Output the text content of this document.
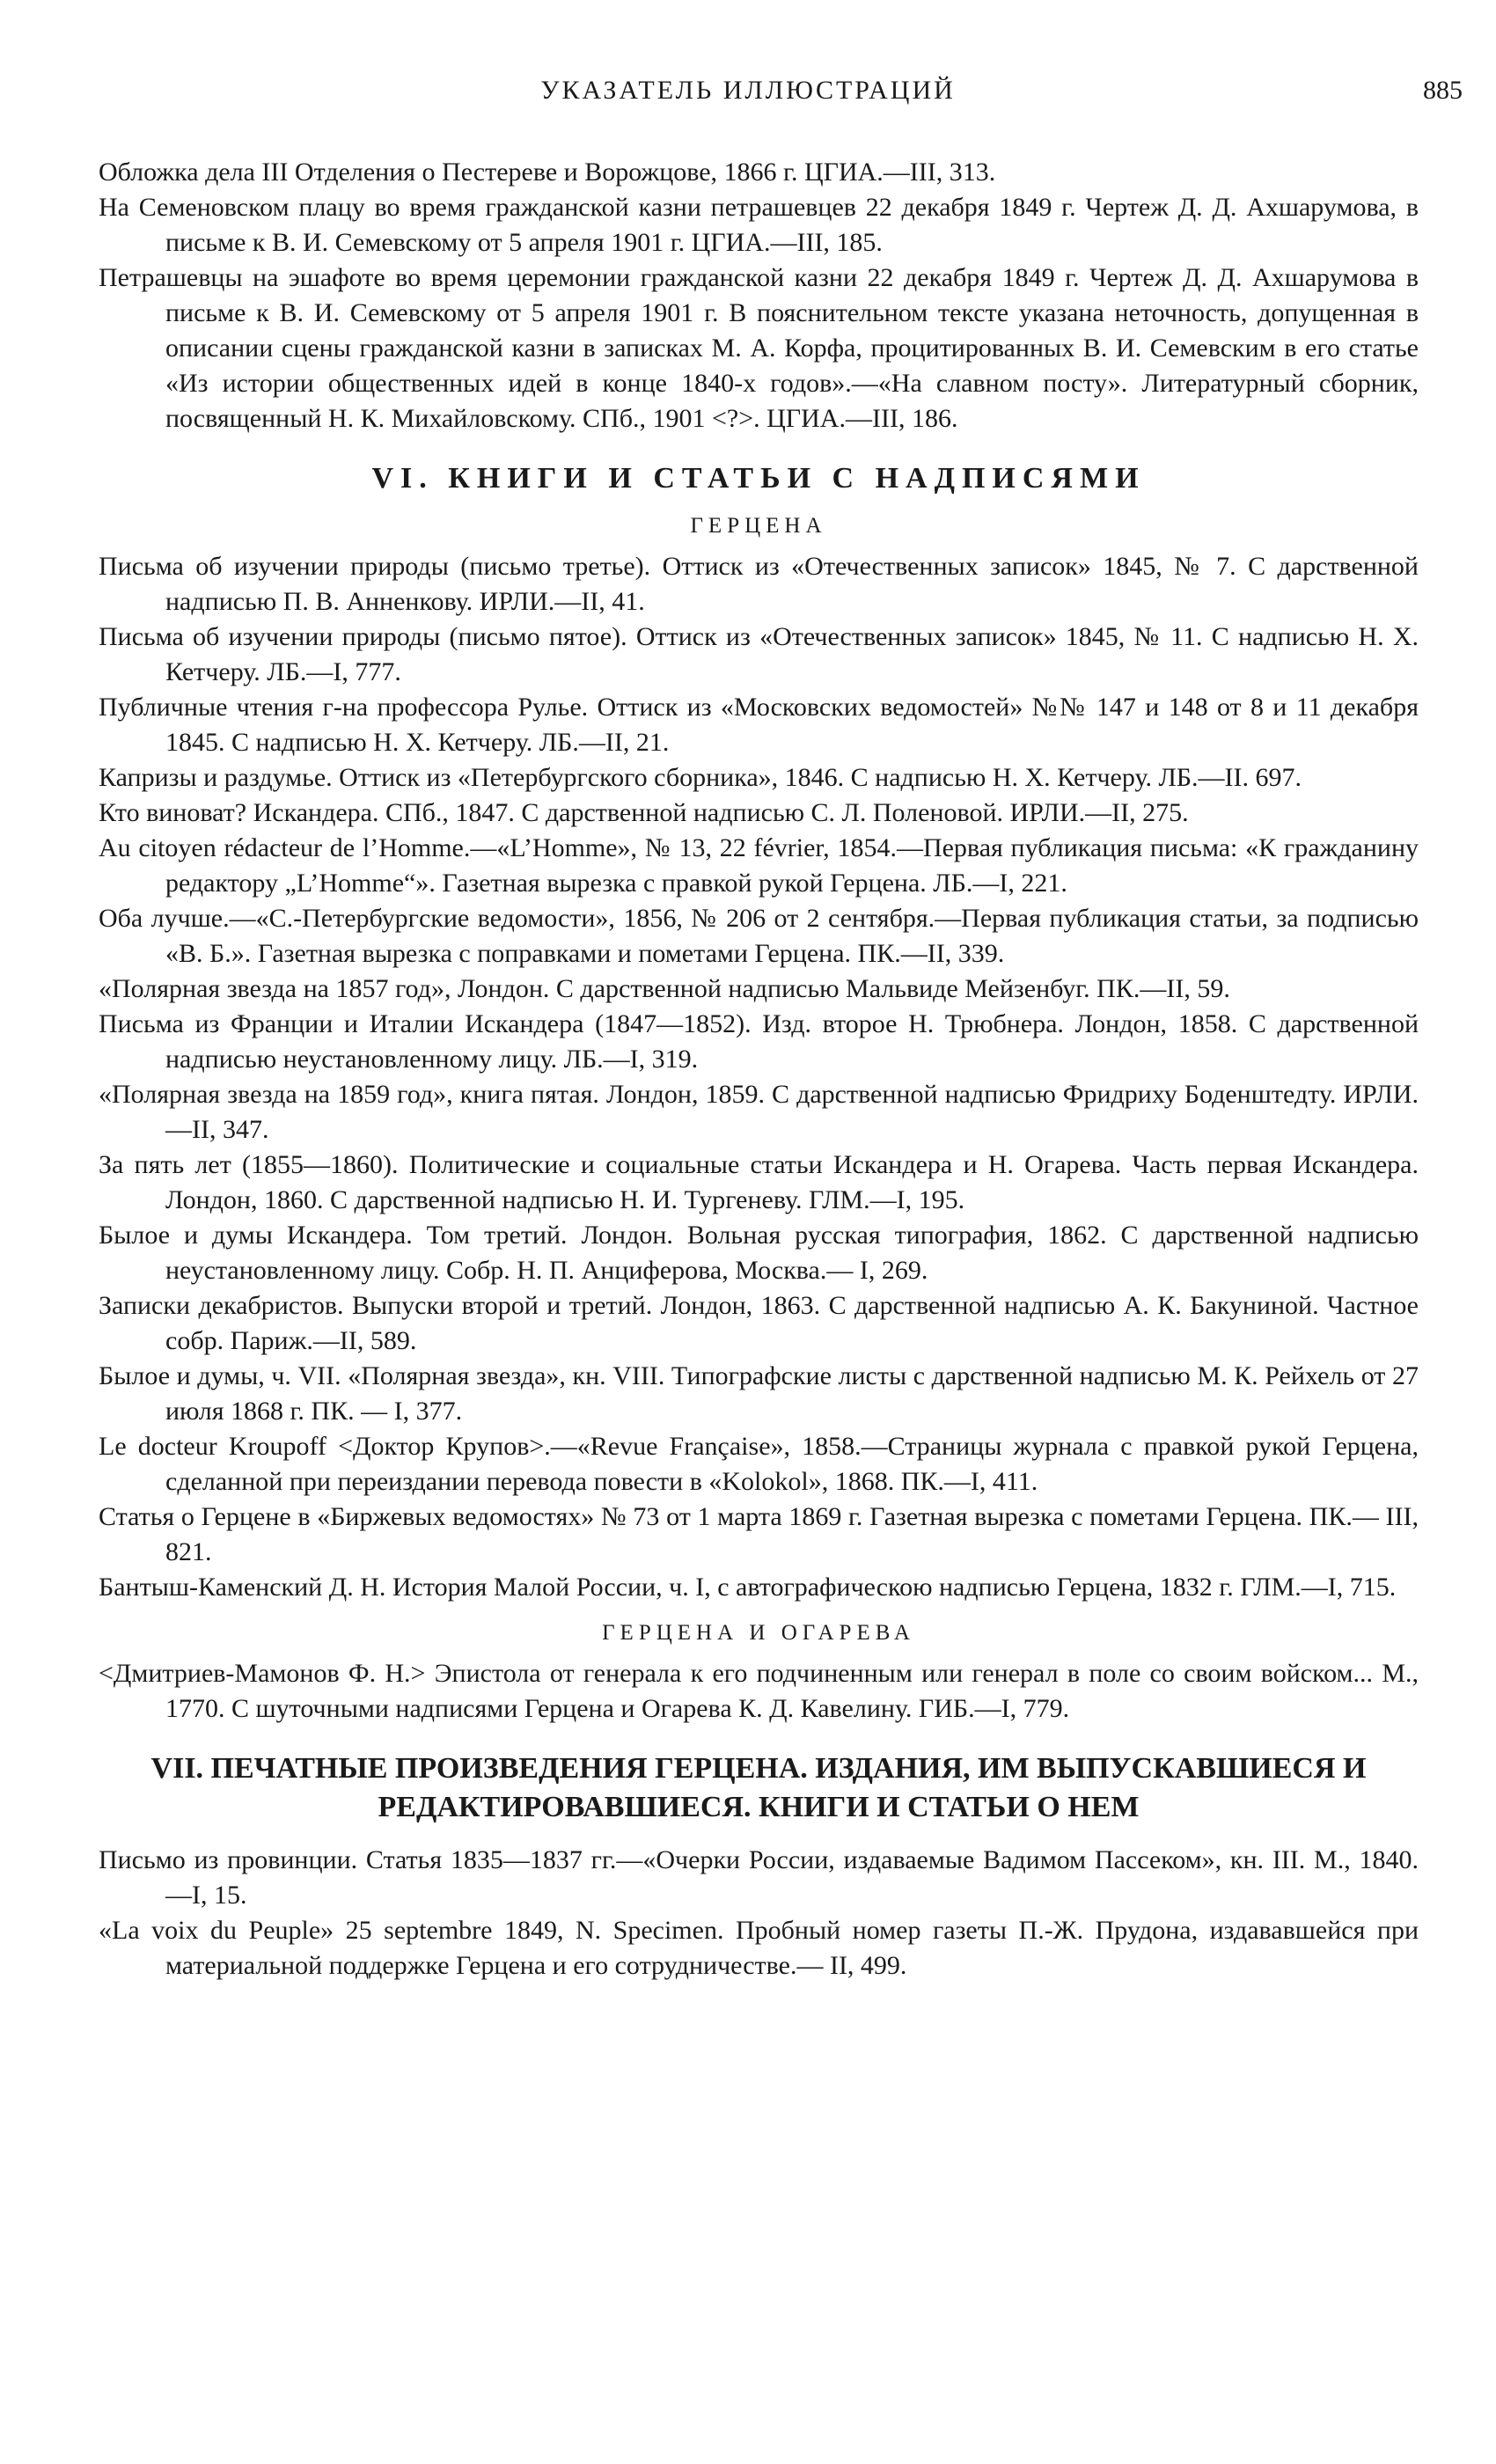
УКАЗАТЕЛЬ ИЛЛЮСТРАЦИЙ	885

Обложка дела III Отделения о Пестереве и Ворожцове, 1866 г. ЦГИА.—III, 313.

На Семеновском плацу во время гражданской казни петрашевцев 22 декабря 1849 г. Чертеж Д. Д. Ахшарумова, в письме к В. И. Семевскому от 5 апреля 1901 г. ЦГИА.—III, 185.

Петрашевцы на эшафоте во время церемонии гражданской казни 22 декабря 1849 г. Чертеж Д. Д. Ахшарумова в письме к В. И. Семевскому от 5 апреля 1901 г. В пояснительном тексте указана неточность, допущенная в описании сцены гражданской казни в записках М. А. Корфа, процитированных В. И. Семевским в его статье «Из истории общественных идей в конце 1840-х годов».—«На славном посту». Литературный сборник, посвященный Н. К. Михайловскому. СПб., 1901 <?>. ЦГИА.—III, 186.

VI. КНИГИ И СТАТЬИ С НАДПИСЯМИ
ГЕРЦЕНА

Письма об изучении природы (письмо третье). Оттиск из «Отечественных записок» 1845, № 7. С дарственной надписью П. В. Анненкову. ИРЛИ.—II, 41.

Письма об изучении природы (письмо пятое). Оттиск из «Отечественных записок» 1845, № 11. С надписью Н. Х. Кетчеру. ЛБ.—I, 777.

Публичные чтения г-на профессора Рулье. Оттиск из «Московских ведомостей» №№ 147 и 148 от 8 и 11 декабря 1845. С надписью Н. Х. Кетчеру. ЛБ.—II, 21.

Капризы и раздумье. Оттиск из «Петербургского сборника», 1846. С надписью Н. Х. Кетчеру. ЛБ.—II. 697.

Кто виноват? Искандера. СПб., 1847. С дарственной надписью С. Л. Поленовой. ИРЛИ.—II, 275.

Au citoyen rédacteur de l’Homme.—«L’Homme», № 13, 22 février, 1854.—Первая публикация письма: «К гражданину редактору „L’Homme“». Газетная вырезка с правкой рукой Герцена. ЛБ.—I, 221.

Оба лучше.—«С.-Петербургские ведомости», 1856, № 206 от 2 сентября.—Первая публикация статьи, за подписью «В. Б.». Газетная вырезка с поправками и пометами Герцена. ПК.—II, 339.

«Полярная звезда на 1857 год», Лондон. С дарственной надписью Мальвиде Мейзенбуг. ПК.—II, 59.

Письма из Франции и Италии Искандера (1847—1852). Изд. второе Н. Трюбнера. Лондон, 1858. С дарственной надписью неустановленному лицу. ЛБ.—I, 319.

«Полярная звезда на 1859 год», книга пятая. Лондон, 1859. С дарственной надписью Фридриху Боденштедту. ИРЛИ.—II, 347.

За пять лет (1855—1860). Политические и социальные статьи Искандера и Н. Огарева. Часть первая Искандера. Лондон, 1860. С дарственной надписью Н. И. Тургеневу. ГЛМ.—I, 195.

Былое и думы Искандера. Том третий. Лондон. Вольная русская типография, 1862. С дарственной надписью неустановленному лицу. Собр. Н. П. Анциферова, Москва.— I, 269.

Записки декабристов. Выпуски второй и третий. Лондон, 1863. С дарственной надписью А. К. Бакуниной. Частное собр. Париж.—II, 589.

Былое и думы, ч. VII. «Полярная звезда», кн. VIII. Типографские листы с дарственной надписью М. К. Рейхель от 27 июля 1868 г. ПК. — I, 377.

Le docteur Kroupoff <Доктор Крупов>.—«Revue Française», 1858.—Страницы журнала с правкой рукой Герцена, сделанной при переиздании перевода повести в «Kolokol», 1868. ПК.—I, 411.

Статья о Герцене в «Биржевых ведомостях» № 73 от 1 марта 1869 г. Газетная вырезка с пометами Герцена. ПК.— III, 821.

Бантыш-Каменский Д. Н. История Малой России, ч. I, с автографическою надписью Герцена, 1832 г. ГЛМ.—I, 715.

ГЕРЦЕНА И ОГАРЕВА

<Дмитриев-Мамонов Ф. Н.> Эпистола от генерала к его подчиненным или генерал в поле со своим войском... М., 1770. С шуточными надписями Герцена и Огарева К. Д. Кавелину. ГИБ.—I, 779.

VII. ПЕЧАТНЫЕ ПРОИЗВЕДЕНИЯ ГЕРЦЕНА. ИЗДАНИЯ, ИМ ВЫПУСКАВШИЕСЯ И РЕДАКТИРОВАВШИЕСЯ. КНИГИ И СТАТЬИ О НЕМ

Письмо из провинции. Статья 1835—1837 гг.—«Очерки России, издаваемые Вадимом Пассеком», кн. III. М., 1840.—I, 15.

«La voix du Peuple» 25 septembre 1849, N. Specimen. Пробный номер газеты П.-Ж. Прудона, издававшейся при материальной поддержке Герцена и его сотрудничестве.— II, 499.
